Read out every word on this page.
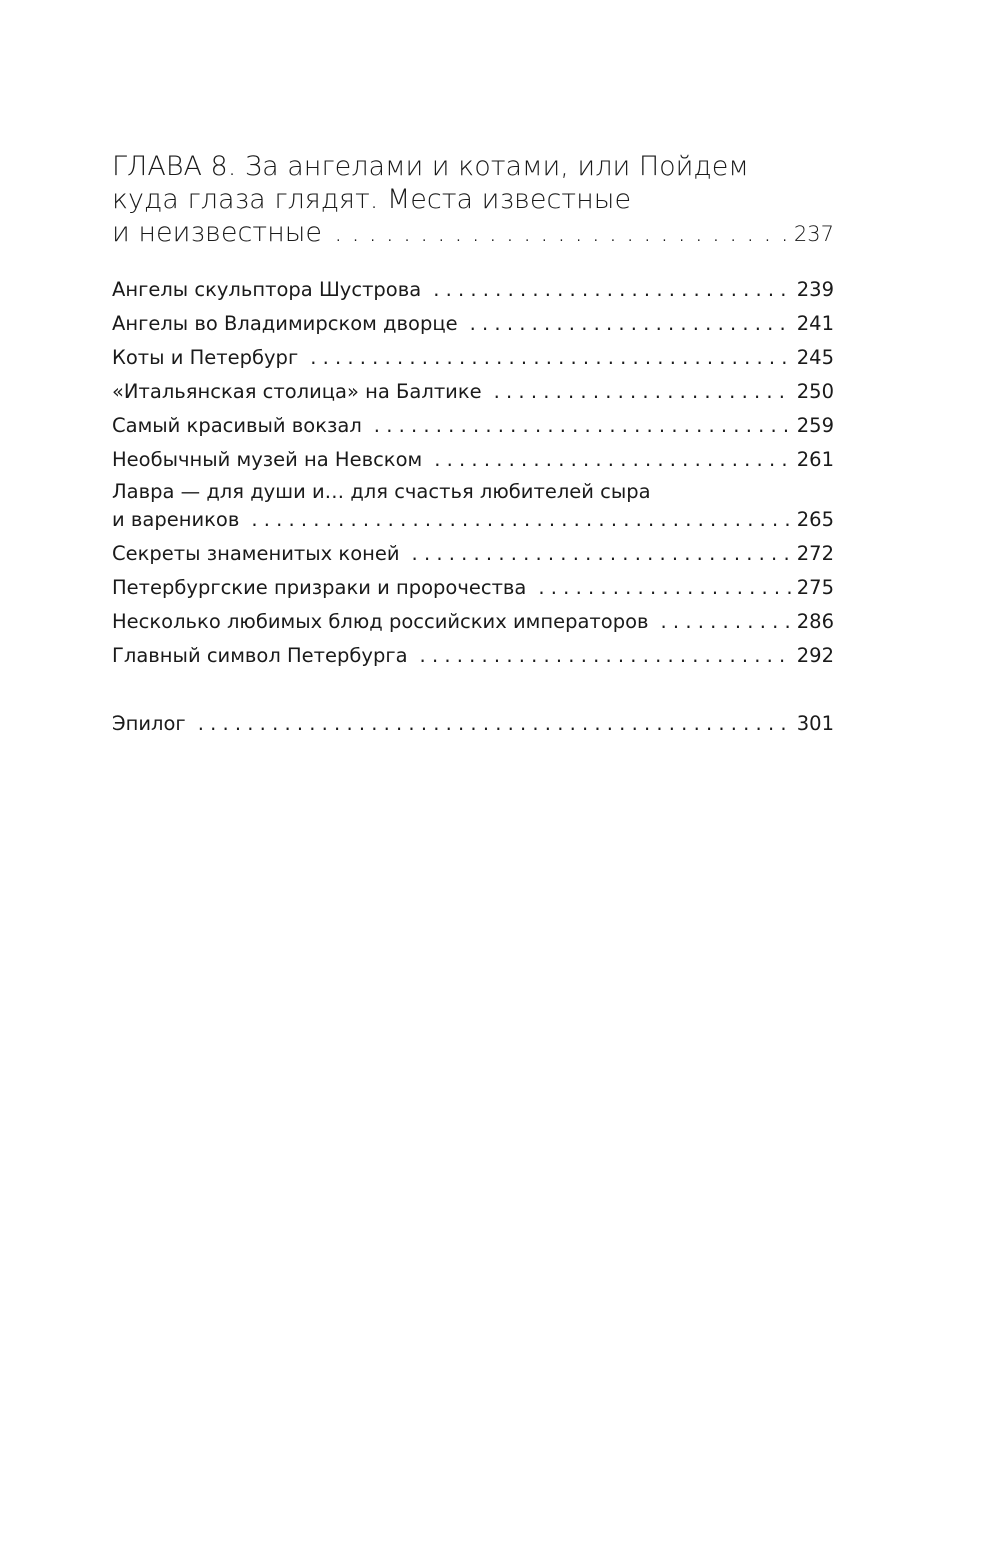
ГЛАВА 8. За ангелами и котами, или Пойдем
куда глаза глядят. Места известные
и неизвестные . . .	237
Ангелы скульптора Шустрова . . .	239
Ангелы во Владимирском дворце . . .	241
Коты и Петербург . . .	245
«Итальянская столица» на Балтике . . .	250
Самый красивый вокзал . . .	259
Необычный музей на Невском . . .	261
Лавра — для души и… для счастья любителей сыра
и вареников . . .	265
Секреты знаменитых коней . . .	272
Петербургские призраки и пророчества . . .	275
Несколько любимых блюд российских императоров . . .	286
Главный символ Петербурга . . .	292
Эпилог . . .	301
